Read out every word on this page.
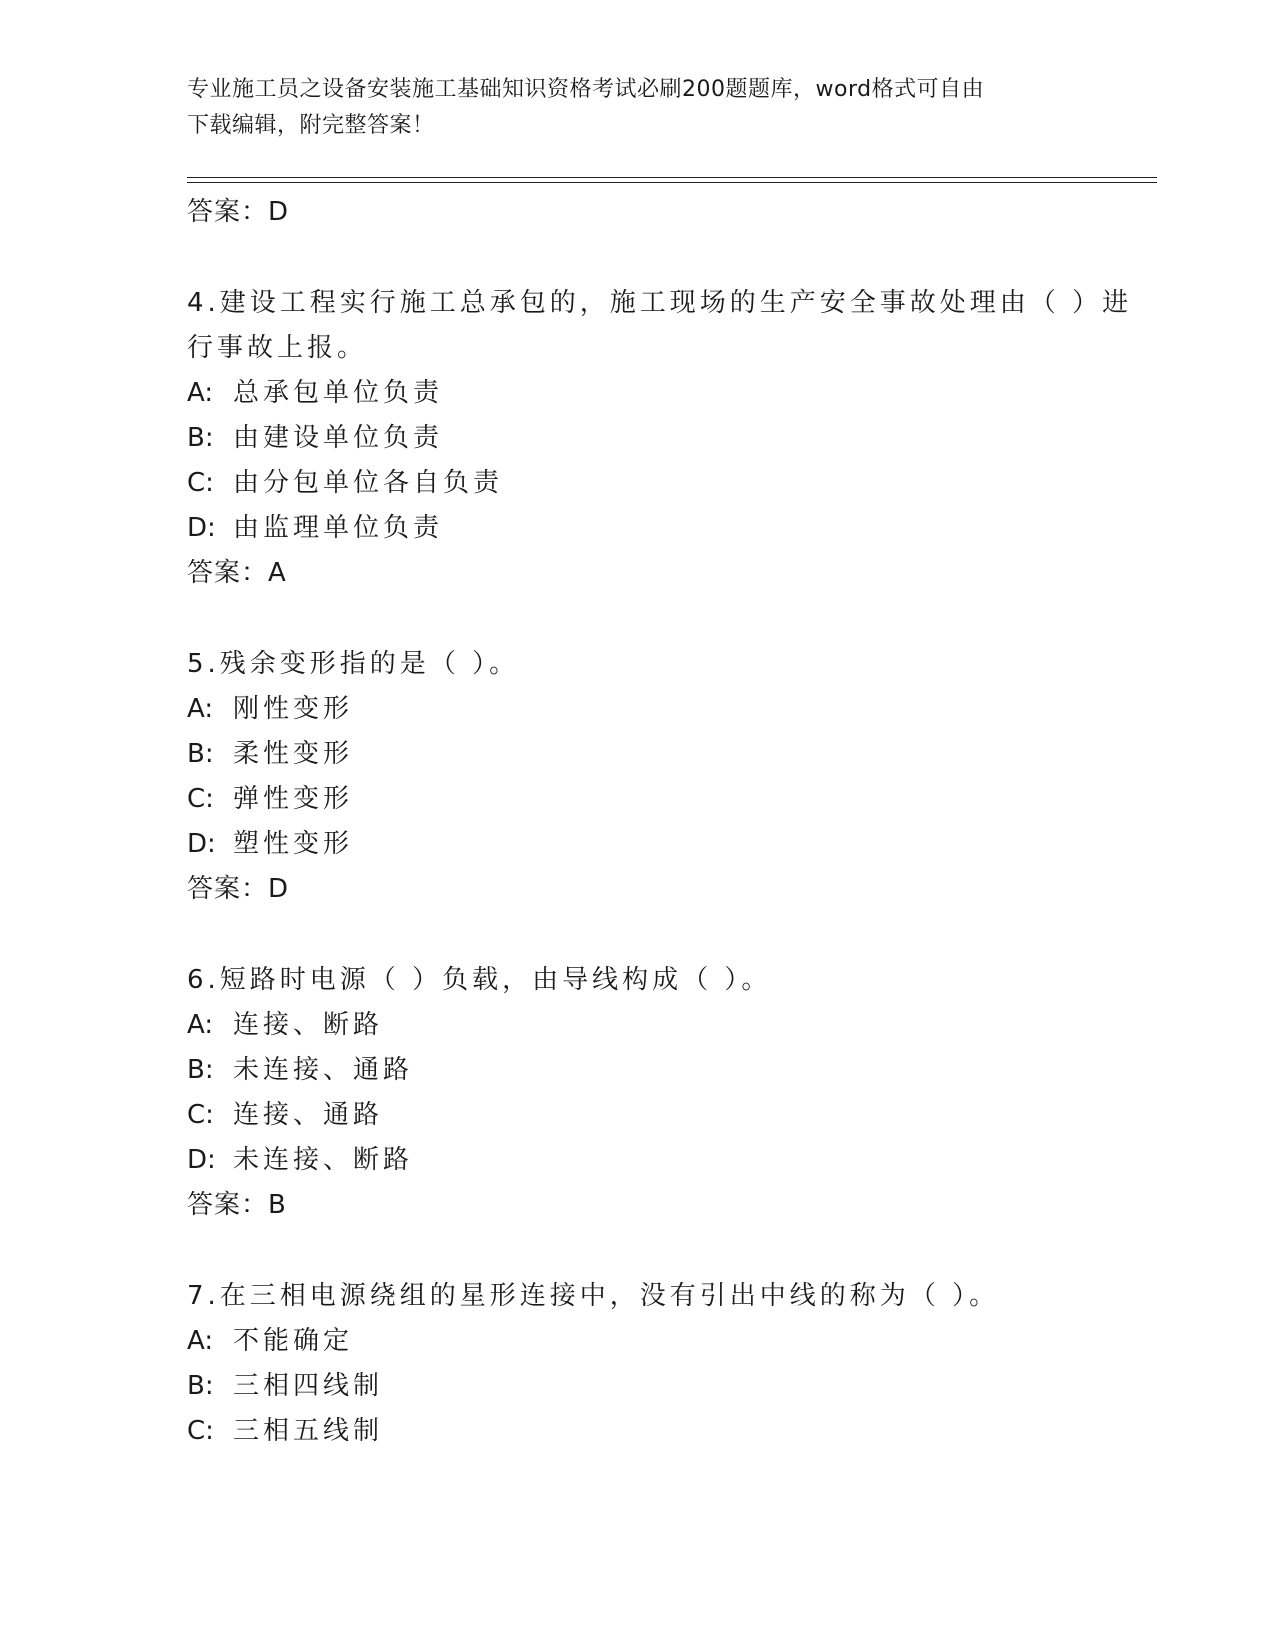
专业施工员之设备安装施工基础知识资格考试必刷200题题库，word格式可自由
下载编辑，附完整答案！
答案：D
4.建设工程实行施工总承包的，施工现场的生产安全事故处理由（ ）进行事故上报。
A: 总承包单位负责
B: 由建设单位负责
C: 由分包单位各自负责
D: 由监理单位负责
答案：A
5.残余变形指的是（ ）。
A: 刚性变形
B: 柔性变形
C: 弹性变形
D: 塑性变形
答案：D
6.短路时电源（ ）负载，由导线构成（ ）。
A: 连接、断路
B: 未连接、通路
C: 连接、通路
D: 未连接、断路
答案：B
7.在三相电源绕组的星形连接中，没有引出中线的称为（ ）。
A: 不能确定
B: 三相四线制
C: 三相五线制
